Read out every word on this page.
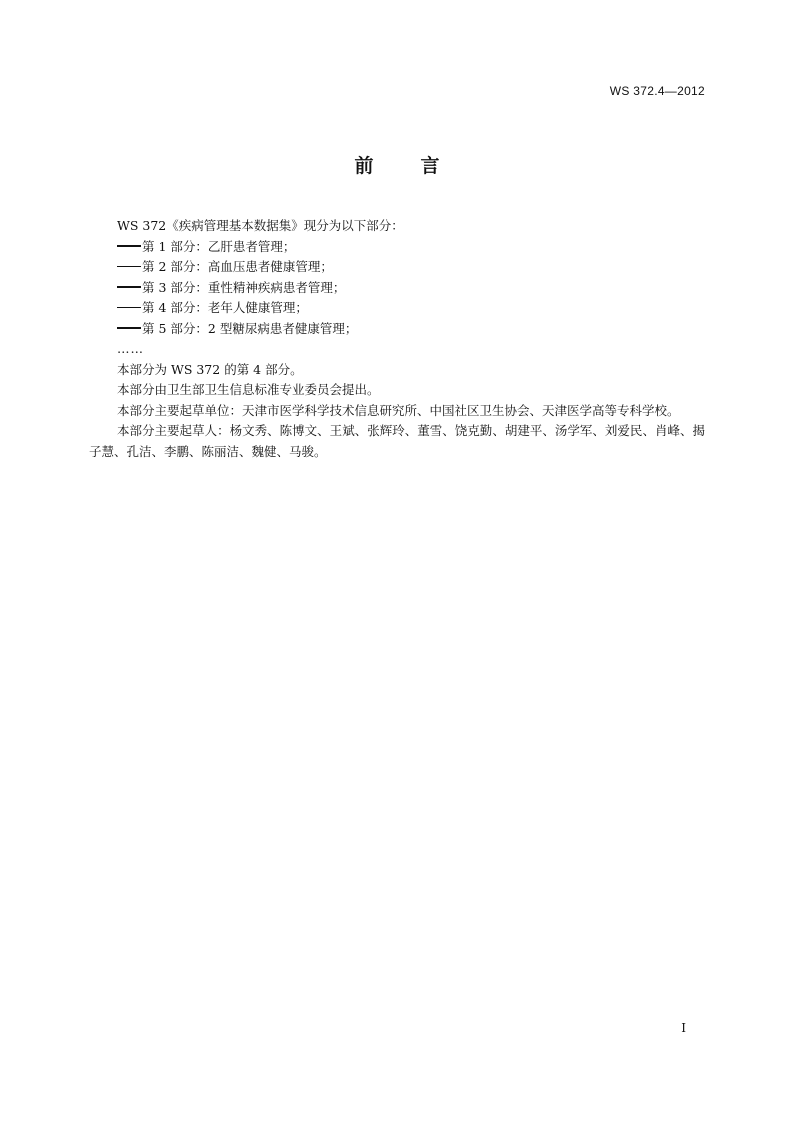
WS 372.4—2012
前 言

WS 372《疾病管理基本数据集》现分为以下部分：

第 1 部分：乙肝患者管理；

第 2 部分：高血压患者健康管理；

第 3 部分：重性精神疾病患者管理；

第 4 部分：老年人健康管理；

第 5 部分：2 型糖尿病患者健康管理；

……

本部分为 WS 372 的第 4 部分。

本部分由卫生部卫生信息标准专业委员会提出。

本部分主要起草单位：天津市医学科学技术信息研究所、中国社区卫生协会、天津医学高等专科学校。

本部分主要起草人：杨文秀、陈博文、王斌、张辉玲、董雪、饶克勤、胡建平、汤学军、刘爱民、肖峰、揭子慧、孔洁、李鹏、陈丽洁、魏健、马骏。

I
